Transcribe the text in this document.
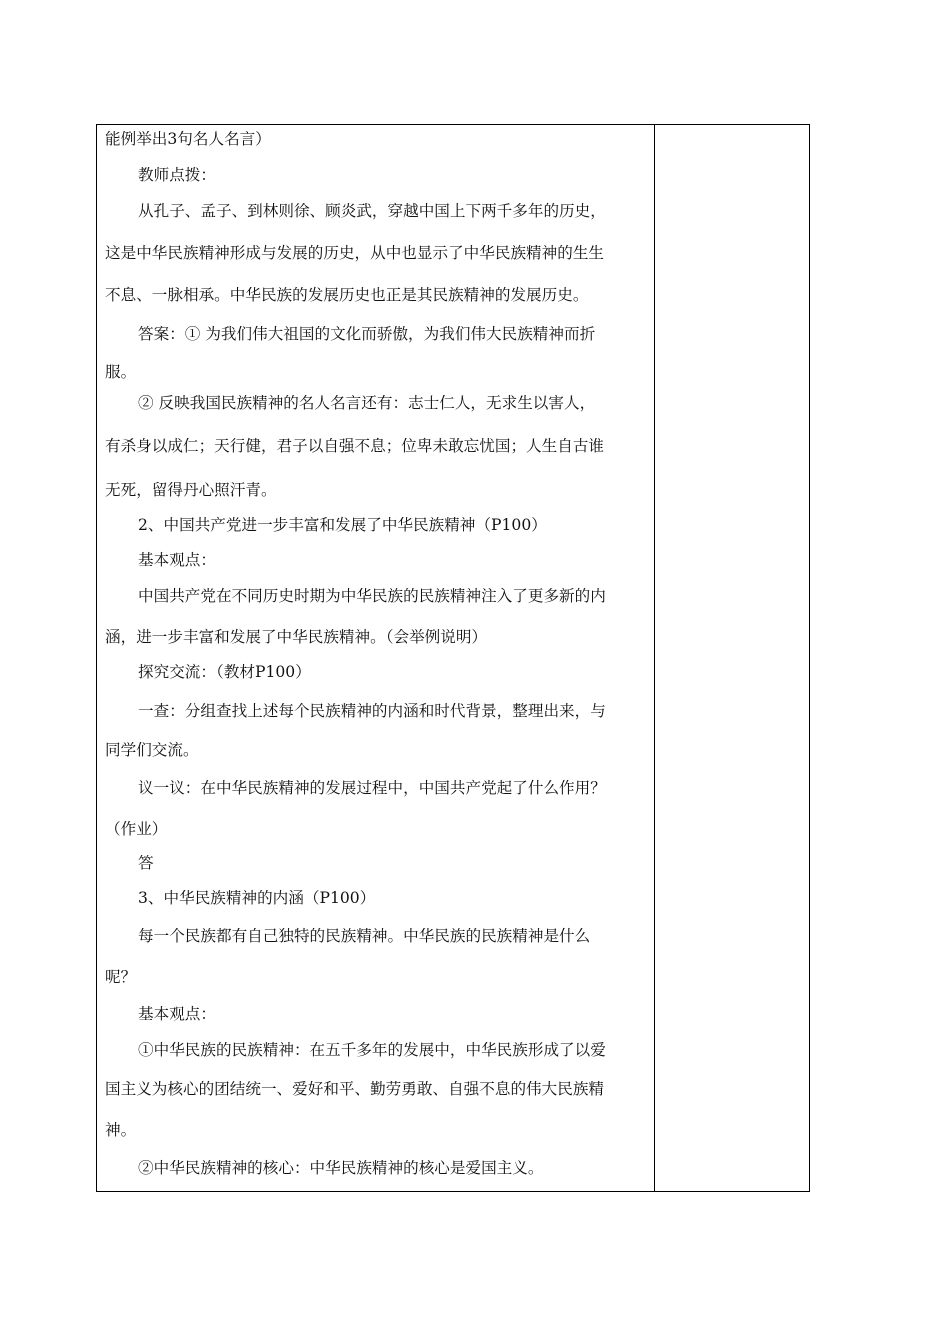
能例举出3句名人名言）
教师点拨：
从孔子、孟子、到林则徐、顾炎武，穿越中国上下两千多年的历史，
这是中华民族精神形成与发展的历史，从中也显示了中华民族精神的生生
不息、一脉相承。中华民族的发展历史也正是其民族精神的发展历史。
答案：① 为我们伟大祖国的文化而骄傲，为我们伟大民族精神而折
服。
② 反映我国民族精神的名人名言还有：志士仁人，无求生以害人，
有杀身以成仁；天行健，君子以自强不息；位卑未敢忘忧国；人生自古谁
无死，留得丹心照汗青。
2、中国共产党进一步丰富和发展了中华民族精神（P100）
基本观点：
中国共产党在不同历史时期为中华民族的民族精神注入了更多新的内
涵，进一步丰富和发展了中华民族精神。（会举例说明）
探究交流：（教材P100）
一查：分组查找上述每个民族精神的内涵和时代背景，整理出来，与
同学们交流。
议一议：在中华民族精神的发展过程中，中国共产党起了什么作用？
（作业）
答
3、中华民族精神的内涵（P100）
每一个民族都有自己独特的民族精神。中华民族的民族精神是什么
呢？
基本观点：
①中华民族的民族精神：在五千多年的发展中，中华民族形成了以爱
国主义为核心的团结统一、爱好和平、勤劳勇敢、自强不息的伟大民族精
神。
②中华民族精神的核心：中华民族精神的核心是爱国主义。
